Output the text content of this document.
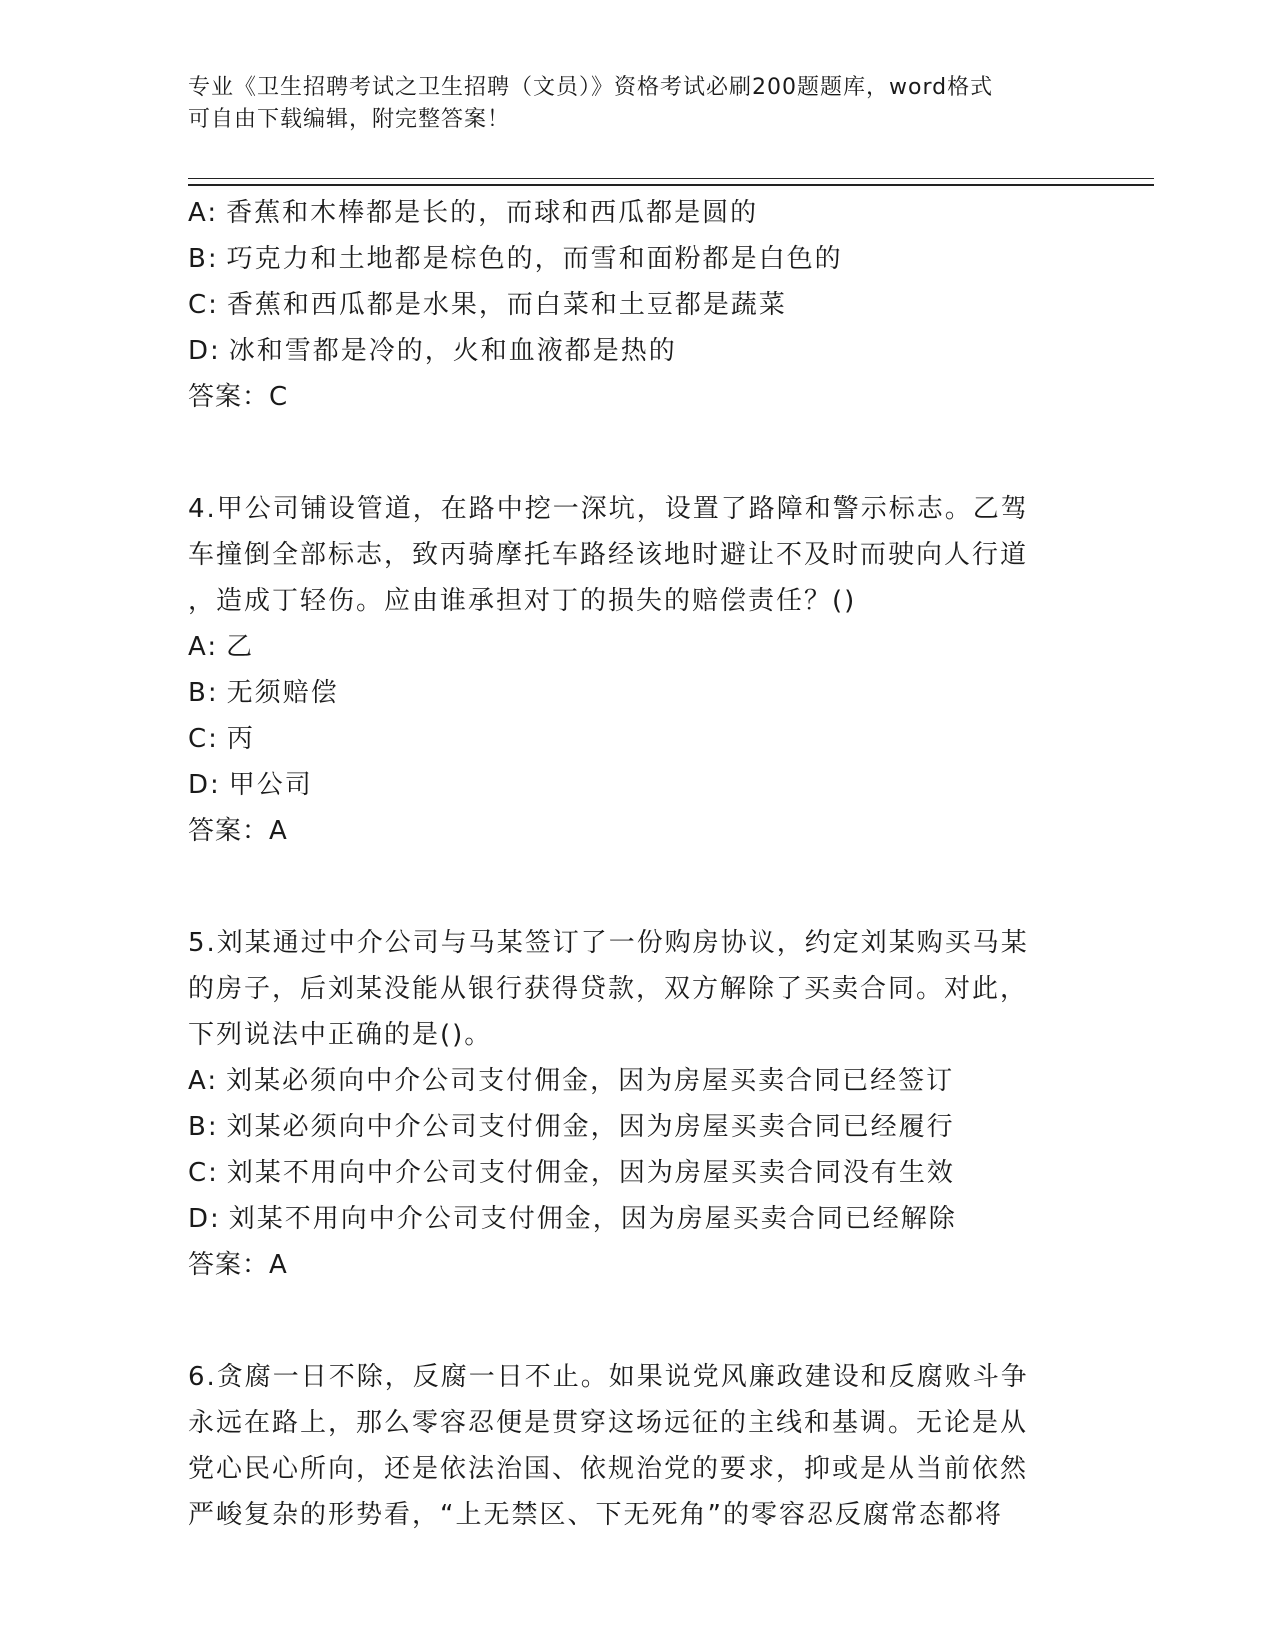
专业《卫生招聘考试之卫生招聘（文员）》资格考试必刷200题题库，word格式
可自由下载编辑，附完整答案！
A: 香蕉和木棒都是长的，而球和西瓜都是圆的
B: 巧克力和土地都是棕色的，而雪和面粉都是白色的
C: 香蕉和西瓜都是水果，而白菜和土豆都是蔬菜
D: 冰和雪都是冷的，火和血液都是热的
答案：C
4.甲公司铺设管道，在路中挖一深坑，设置了路障和警示标志。乙驾
车撞倒全部标志，致丙骑摩托车路经该地时避让不及时而驶向人行道
，造成丁轻伤。应由谁承担对丁的损失的赔偿责任？()
A: 乙
B: 无须赔偿
C: 丙
D: 甲公司
答案：A
5.刘某通过中介公司与马某签订了一份购房协议，约定刘某购买马某
的房子，后刘某没能从银行获得贷款，双方解除了买卖合同。对此，
下列说法中正确的是()。
A: 刘某必须向中介公司支付佣金，因为房屋买卖合同已经签订
B: 刘某必须向中介公司支付佣金，因为房屋买卖合同已经履行
C: 刘某不用向中介公司支付佣金，因为房屋买卖合同没有生效
D: 刘某不用向中介公司支付佣金，因为房屋买卖合同已经解除
答案：A
6.贪腐一日不除，反腐一日不止。如果说党风廉政建设和反腐败斗争
永远在路上，那么零容忍便是贯穿这场远征的主线和基调。无论是从
党心民心所向，还是依法治国、依规治党的要求，抑或是从当前依然
严峻复杂的形势看，“上无禁区、下无死角”的零容忍反腐常态都将
